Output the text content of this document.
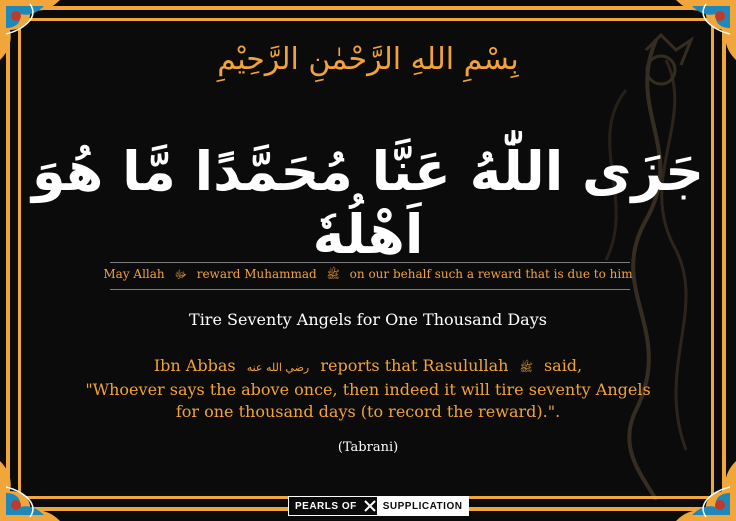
بِسْمِ اللهِ الرَّحْمٰنِ الرَّحِيْمِ
جَزَى اللّٰهُ عَنَّا مُحَمَّدًا مَّا هُوَ اَهْلُهٗ
May Allah ﷻ reward Muhammad ﷺ on our behalf such a reward that is due to him
Tire Seventy Angels for One Thousand Days
Ibn Abbas رضي الله عنه reports that Rasulullah ﷺ said,
"Whoever says the above once, then indeed it will tire seventy Angels
for one thousand days (to record the reward).".
(Tabrani)
PEARLS OF	SUPPLICATION
